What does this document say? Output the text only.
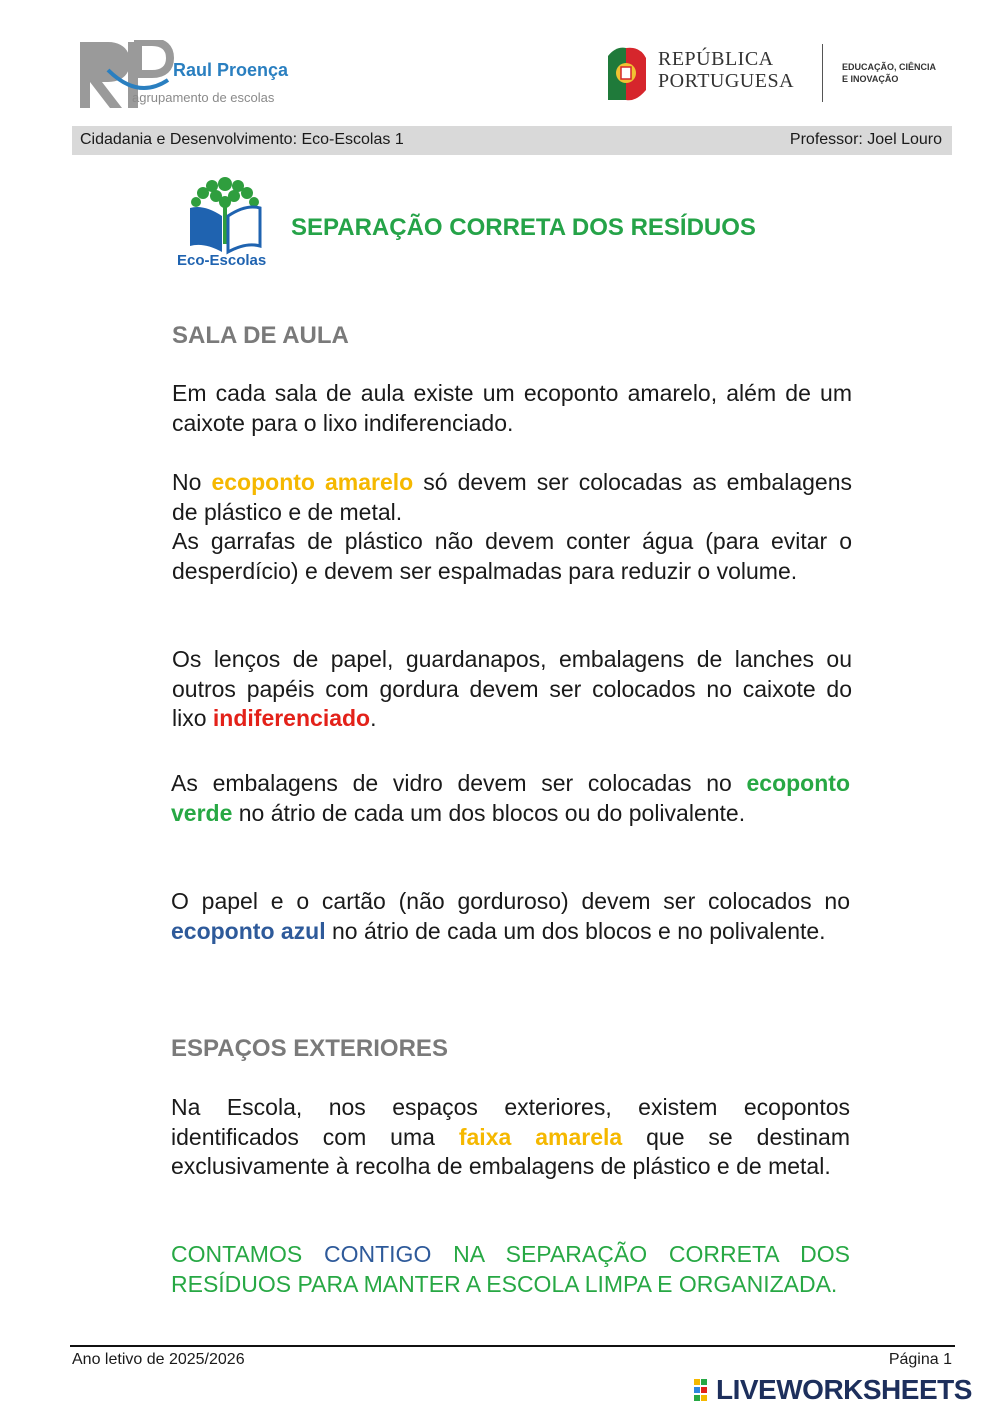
Raul Proença
agrupamento de escolas
REPÚBLICA
PORTUGUESA
EDUCAÇÃO, CIÊNCIA
E INOVAÇÃO
Cidadania e Desenvolvimento: Eco-Escolas 1	Professor: Joel Louro
Eco-Escolas
SEPARAÇÃO CORRETA DOS RESÍDUOS
SALA DE AULA
Em cada sala de aula existe um ecoponto amarelo, além de um caixote para o lixo indiferenciado.
No ecoponto amarelo só devem ser colocadas as embalagens de plástico e de metal.
As garrafas de plástico não devem conter água (para evitar o desperdício) e devem ser espalmadas para reduzir o volume.
Os lenços de papel, guardanapos, embalagens de lanches ou outros papéis com gordura devem ser colocados no caixote do lixo indiferenciado.
As embalagens de vidro devem ser colocadas no ecoponto verde no átrio de cada um dos blocos ou do polivalente.
O papel e o cartão (não gorduroso) devem ser colocados no ecoponto azul no átrio de cada um dos blocos e no polivalente.
ESPAÇOS EXTERIORES
Na Escola, nos espaços exteriores, existem ecopontos identificados com uma faixa amarela que se destinam exclusivamente à recolha de embalagens de plástico e de metal.
CONTAMOS CONTIGO NA SEPARAÇÃO CORRETA DOS RESÍDUOS PARA MANTER A ESCOLA LIMPA E ORGANIZADA.
Ano letivo de 2025/2026	Página 1
LIVEWORKSHEETS
